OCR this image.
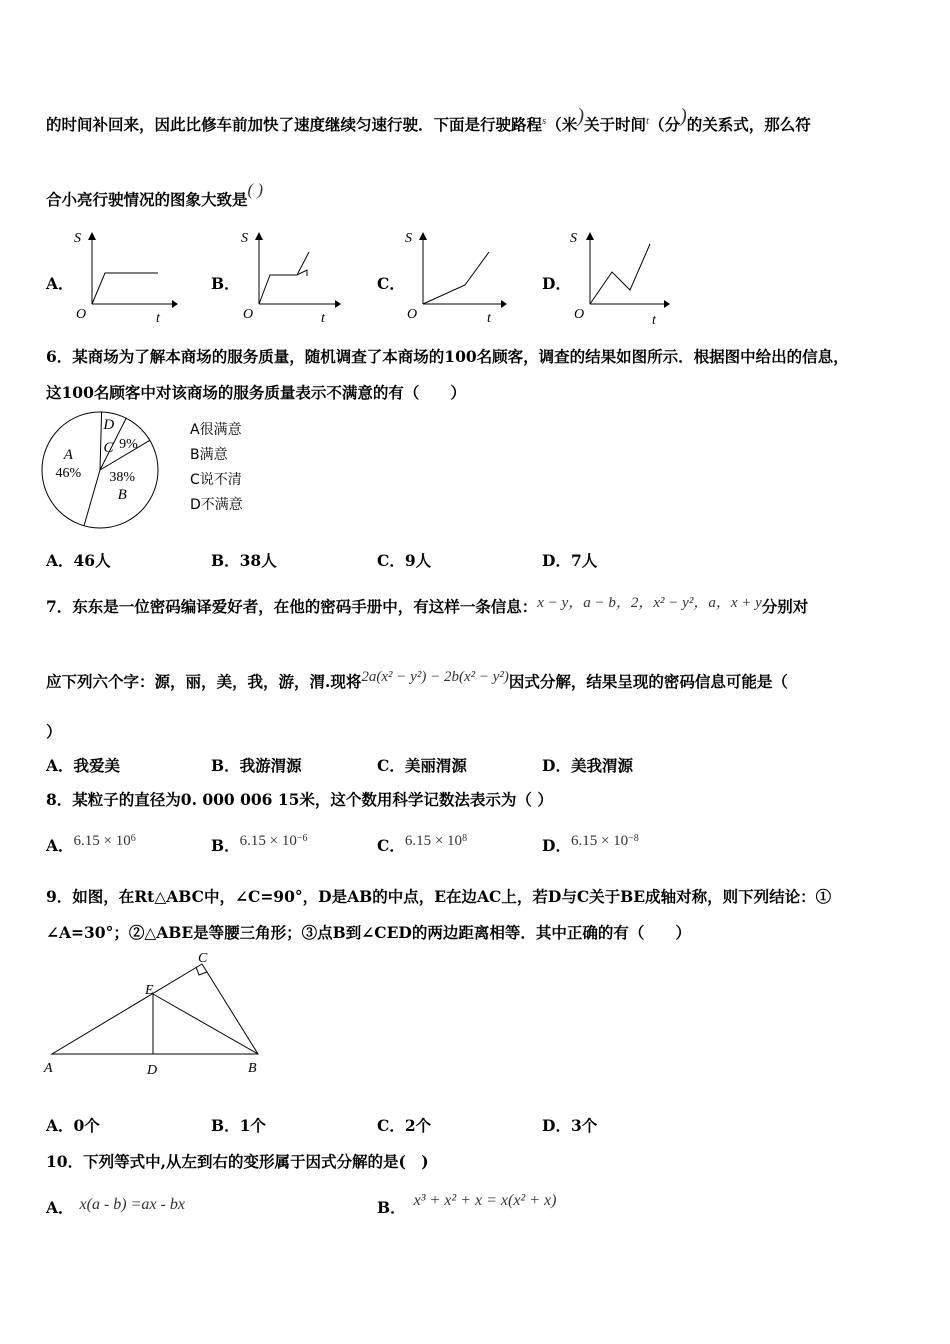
的时间补回来，因此比修车前加快了速度继续匀速行驶．下面是行驶路程$^s$（米)关于时间$^t$（分)的关系式，那么符
合小亮行驶情况的图象大致是( )
A．
S
O	t
B．
S
O	t
C．
S
O	t
D．
S
O	t
6．某商场为了解本商场的服务质量，随机调查了本商场的100名顾客，调查的结果如图所示．根据图中给出的信息，
这100名顾客中对该商场的服务质量表示不满意的有（　　）
A
46%
B
38%
C 9%
D	A很满意
B满意
C说不清
D不满意
A．46人	B．38人	C．9人	D．7人
7．东东是一位密码编译爱好者，在他的密码手册中，有这样一条信息：x − y，a − b，2，x² − y²，a，x + y分别对
应下列六个字：源，丽，美，我，游，渭.现将2a(x² − y²) − 2b(x² − y²)因式分解，结果呈现的密码信息可能是（
）
A．我爱美	B．我游渭源	C．美丽渭源	D．美我渭源
8．某粒子的直径为0. 000 006 15米，这个数用科学记数法表示为（ ）
A．$6.15 \times 10^6$	B．$6.15 \times 10^{-6}$	C．$6.15 \times 10^8$	D．$6.15 \times 10^{-8}$
9．如图，在Rt△ABC中，∠C=90°，D是AB的中点，E在边AC上，若D与C关于BE成轴对称，则下列结论：①
∠A=30°；②△ABE是等腰三角形；③点B到∠CED的两边距离相等．其中正确的有（　　）
A	B
C
D
E
A．0个	B．1个	C．2个	D．3个
10．下列等式中,从左到右的变形属于因式分解的是(　)
A． x(a - b) =ax - bx	B． x³ + x² + x = x(x² + x)
